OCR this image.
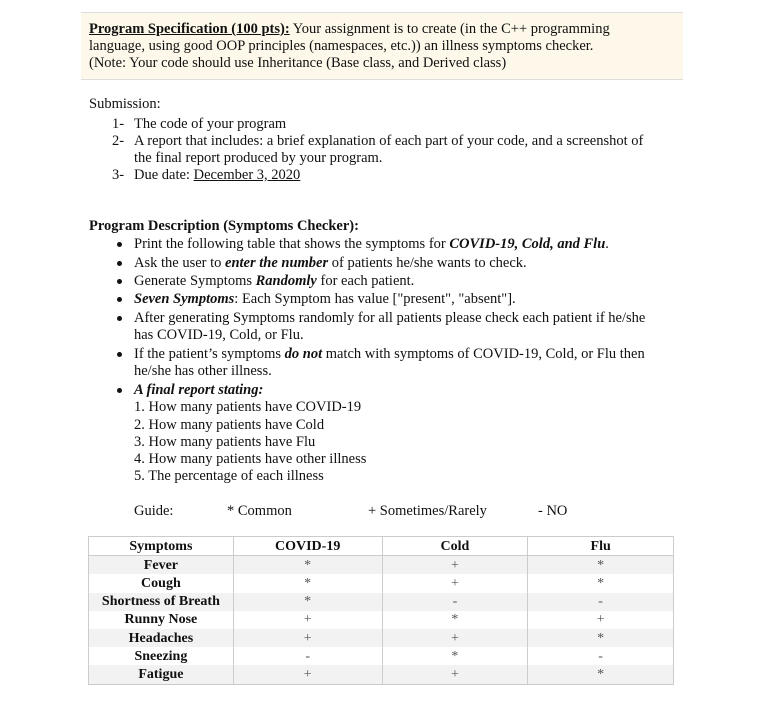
Program Specification (100 pts): Your assignment is to create (in the C++ programming
language, using good OOP principles (namespaces, etc.)) an illness symptoms checker.
(Note: Your code should use Inheritance (Base class, and Derived class)
Submission:
1- The code of your program
2- A report that includes: a brief explanation of each part of your code, and a screenshot of
the final report produced by your program.
3- Due date: December 3, 2020
Program Description (Symptoms Checker):
Print the following table that shows the symptoms for COVID-19, Cold, and Flu.
Ask the user to enter the number of patients he/she wants to check.
Generate Symptoms Randomly for each patient.
Seven Symptoms: Each Symptom has value ["present", "absent"].
After generating Symptoms randomly for all patients please check each patient if he/she
has COVID-19, Cold, or Flu.
If the patient’s symptoms do not match with symptoms of COVID-19, Cold, or Flu then
he/she has other illness.
A final report stating:
1. How many patients have COVID-19
2. How many patients have Cold
3. How many patients have Flu
4. How many patients have other illness
5. The percentage of each illness
Guide:	* Common	+ Sometimes/Rarely	- NO
Symptoms	COVID-19	Cold	Flu
Fever	*	+	*
Cough	*	+	*
Shortness of Breath	*	-	-
Runny Nose	+	*	+
Headaches	+	+	*
Sneezing	-	*	-
Fatigue	+	+	*
